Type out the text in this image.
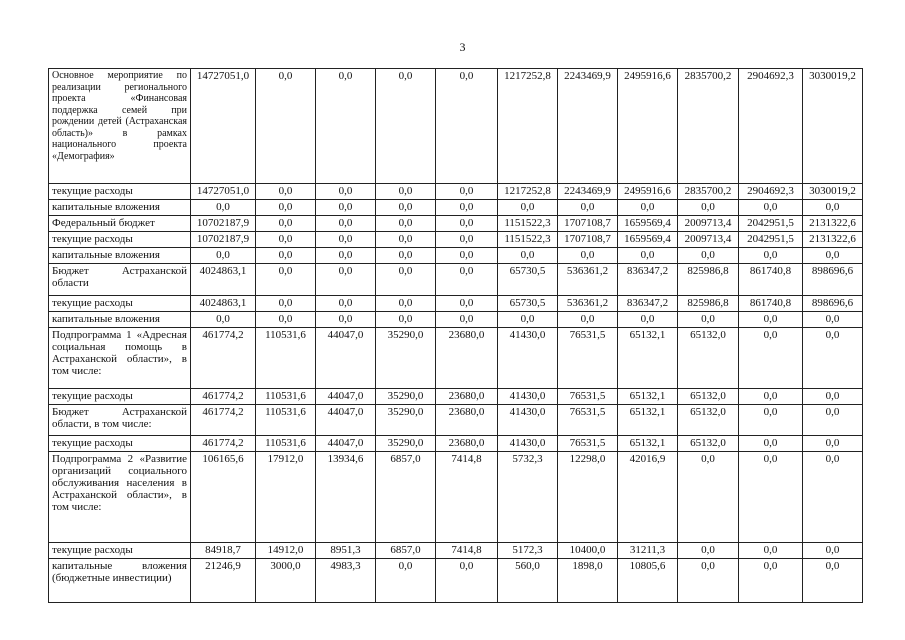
3
Основное мероприятие по реализации регионального проекта «Финансовая поддержка семей при рождении детей (Астраханская область)» в рамках национального проекта «Демография»	14727051,0	0,0	0,0	0,0	0,0	1217252,8	2243469,9	2495916,6	2835700,2	2904692,3	3030019,2
текущие расходы	14727051,0	0,0	0,0	0,0	0,0	1217252,8	2243469,9	2495916,6	2835700,2	2904692,3	3030019,2
капитальные вложения	0,0	0,0	0,0	0,0	0,0	0,0	0,0	0,0	0,0	0,0	0,0
Федеральный бюджет	10702187,9	0,0	0,0	0,0	0,0	1151522,3	1707108,7	1659569,4	2009713,4	2042951,5	2131322,6
текущие расходы	10702187,9	0,0	0,0	0,0	0,0	1151522,3	1707108,7	1659569,4	2009713,4	2042951,5	2131322,6
капитальные вложения	0,0	0,0	0,0	0,0	0,0	0,0	0,0	0,0	0,0	0,0	0,0
Бюджет Астраханской области	4024863,1	0,0	0,0	0,0	0,0	65730,5	536361,2	836347,2	825986,8	861740,8	898696,6
текущие расходы	4024863,1	0,0	0,0	0,0	0,0	65730,5	536361,2	836347,2	825986,8	861740,8	898696,6
капитальные вложения	0,0	0,0	0,0	0,0	0,0	0,0	0,0	0,0	0,0	0,0	0,0
Подпрограмма 1 «Адресная социальная помощь в Астраханской области», в том числе:	461774,2	110531,6	44047,0	35290,0	23680,0	41430,0	76531,5	65132,1	65132,0	0,0	0,0
текущие расходы	461774,2	110531,6	44047,0	35290,0	23680,0	41430,0	76531,5	65132,1	65132,0	0,0	0,0
Бюджет Астраханской области, в том числе:	461774,2	110531,6	44047,0	35290,0	23680,0	41430,0	76531,5	65132,1	65132,0	0,0	0,0
текущие расходы	461774,2	110531,6	44047,0	35290,0	23680,0	41430,0	76531,5	65132,1	65132,0	0,0	0,0
Подпрограмма 2 «Развитие организаций социального обслуживания населения в Астраханской области», в том числе:	106165,6	17912,0	13934,6	6857,0	7414,8	5732,3	12298,0	42016,9	0,0	0,0	0,0
текущие расходы	84918,7	14912,0	8951,3	6857,0	7414,8	5172,3	10400,0	31211,3	0,0	0,0	0,0
капитальные вложения (бюджетные инвестиции)	21246,9	3000,0	4983,3	0,0	0,0	560,0	1898,0	10805,6	0,0	0,0	0,0
